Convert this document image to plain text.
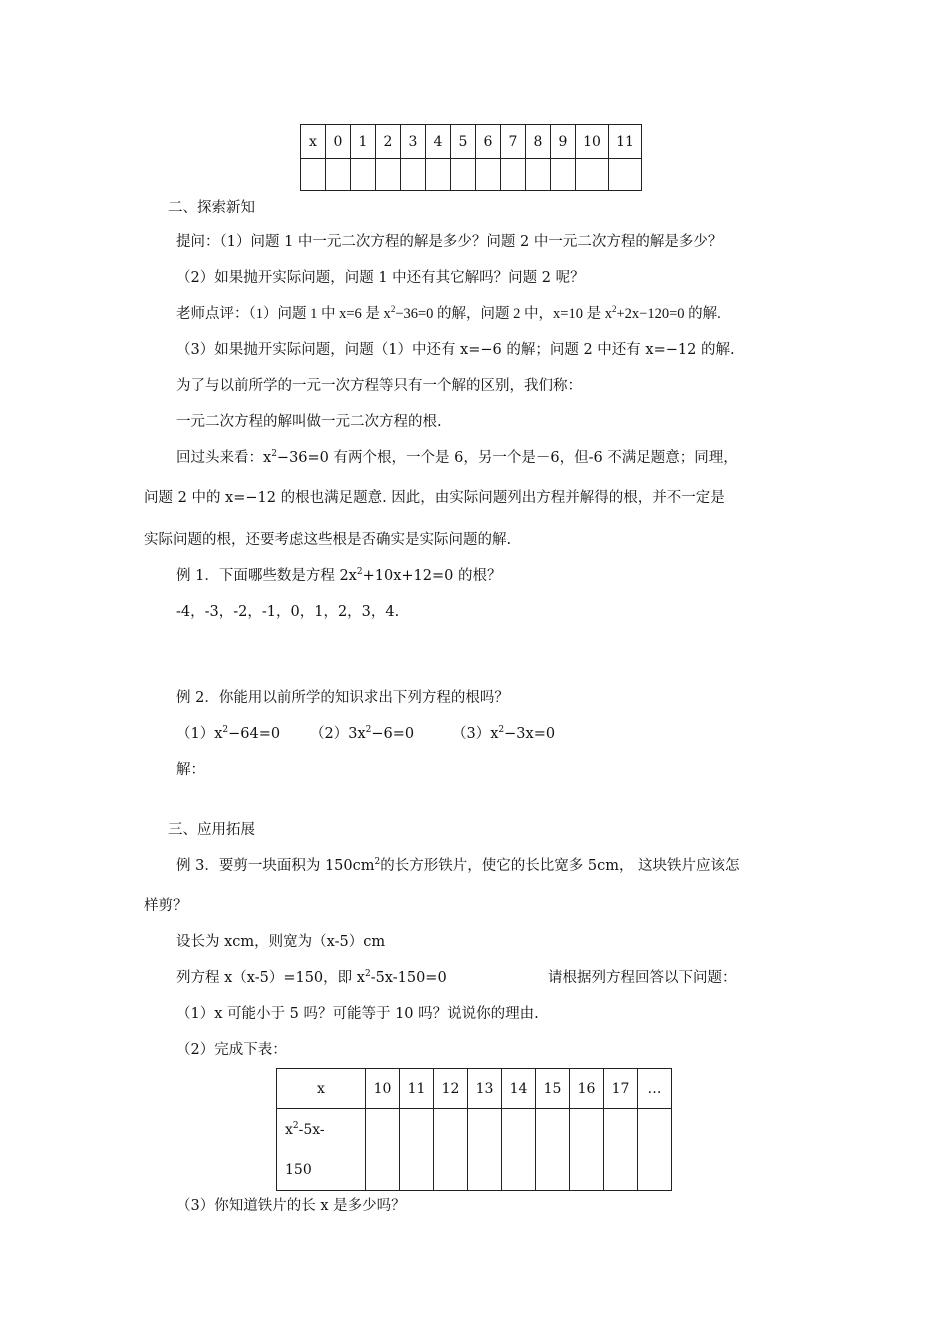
x	0	1	2	3	4	5	6	7	8	9	10	11

二、探索新知
提问：（1）问题 1 中一元二次方程的解是多少？问题 2 中一元二次方程的解是多少？
（2）如果抛开实际问题，问题 1 中还有其它解吗？问题 2 呢？
老师点评：（1）问题 1 中 x=6 是 $x^2-36=0$ 的解，问题 2 中，x=10 是 $x^2+2x-120=0$ 的解.
（3）如果抛开实际问题，问题（1）中还有 x=−6 的解；问题 2 中还有 x=−12 的解.
为了与以前所学的一元一次方程等只有一个解的区别，我们称：
一元二次方程的解叫做一元二次方程的根.
回过头来看：$x^2-36=0$ 有两个根，一个是 6，另一个是－6，但-6 不满足题意；同理，
问题 2 中的 x=−12 的根也满足题意. 因此，由实际问题列出方程并解得的根，并不一定是
实际问题的根，还要考虑这些根是否确实是实际问题的解.
例 1．下面哪些数是方程 $2x^2+10x+12=0$ 的根？
-4，-3，-2，-1，0，1，2，3，4.
例 2．你能用以前所学的知识求出下列方程的根吗？
$(1)x^2-64=0$ $(2)3x^2-6=0$	$(3)x^2-3x=0$
解：
三、应用拓展
例 3．要剪一块面积为 $150cm^2$的长方形铁片，使它的长比宽多 5cm， 这块铁片应该怎
样剪？
设长为 xcm，则宽为（x-5）cm
列方程 x（x-5）=150，即 $x^2-5x-150=0$	请根据列方程回答以下问题：
（1）x 可能小于 5 吗？可能等于 10 吗？说说你的理由.
（2）完成下表：
x	10	11	12	13	14	15	16	17	…
$x^2-5x-$
150									
（3）你知道铁片的长 x 是多少吗？
